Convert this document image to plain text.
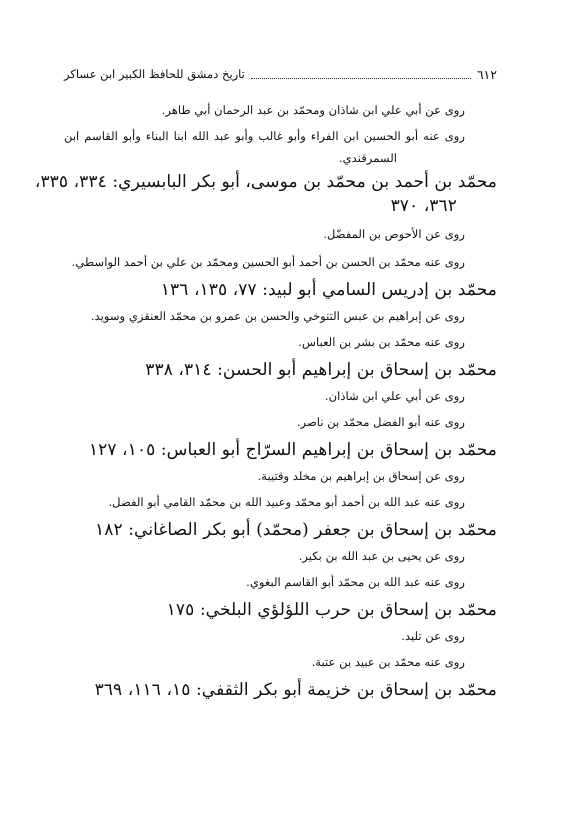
٦١٢
تاريخ دمشق للحافظ الكبير ابن عساكر
روى عن أبي علي ابن شاذان ومحمّد بن عبد الرحمان أبي طاهر.
روى عنه أبو الحسين ابن الفراء وأبو غالب وأبو عبد الله ابنا البناء وأبو القاسم ابن
السمرقندي.
محمّد بن أحمد بن محمّد بن موسى، أبو بكر البابسيري: ٣٣٤، ٣٣٥،
٣٦٢، ٣٧٠
روى عن الأحوص بن المفضّل.
روى عنه محمّد بن الحسن بن أحمد أبو الحسين ومحمّد بن علي بن أحمد الواسطي.
محمّد بن إدريس السامي أبو لبيد: ٧٧، ١٣٥، ١٣٦
روى عن إبراهيم بن عبس التنوخي والحسن بن عمرو بن محمّد العنقزي وسويد.
روى عنه محمّد بن بشر بن العباس.
محمّد بن إسحاق بن إبراهيم أبو الحسن: ٣١٤، ٣٣٨
روى عن أبي علي ابن شاذان.
روى عنه أبو الفضل محمّد بن ناصر.
محمّد بن إسحاق بن إبراهيم السرّاج أبو العباس: ١٠٥، ١٢٧
روى عن إسحاق بن إبراهيم بن مخلد وقتيبة.
روى عنه عبد الله بن أحمد أبو محمّد وعبيد الله بن محمّد القامي أبو الفضل.
محمّد بن إسحاق بن جعفر (محمّد) أبو بكر الصاغاني: ١٨٢
روى عن يحيى بن عبد الله بن بكير.
روى عنه عبد الله بن محمّد أبو القاسم البغوي.
محمّد بن إسحاق بن حرب اللؤلؤي البلخي: ١٧٥
روى عن تليد.
روى عنه محمّد بن عبيد بن عتبة.
محمّد بن إسحاق بن خزيمة أبو بكر الثقفي: ١٥، ١١٦، ٣٦٩
